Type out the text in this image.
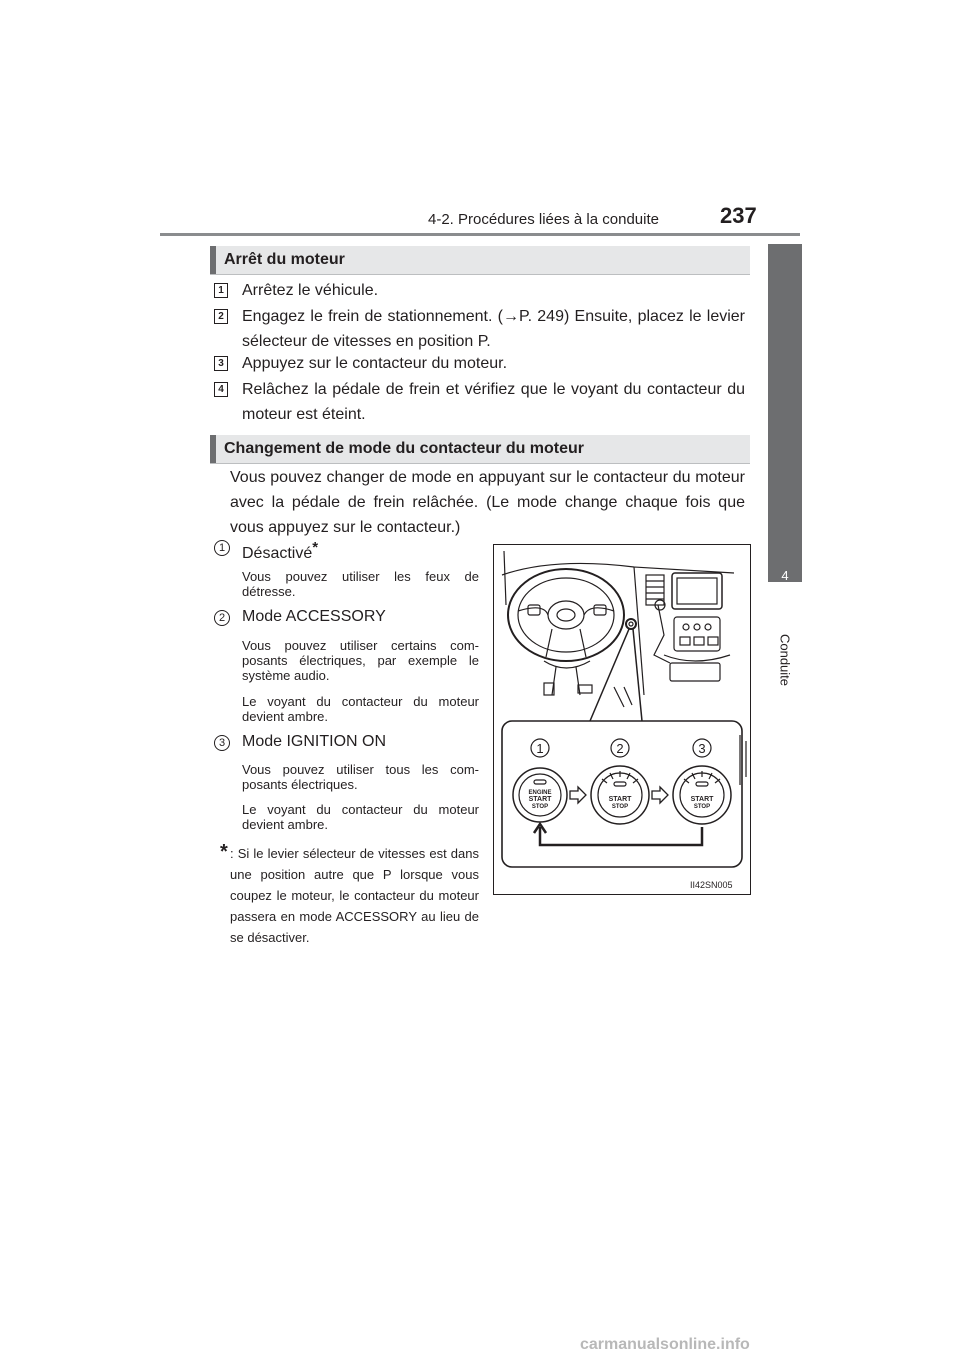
4-2. Procédures liées à la conduite	237
4
Conduite
Arrêt du moteur
1 Arrêtez le véhicule.
2 Engagez le frein de stationnement. (→P. 249) Ensuite, placez le levier sélecteur de vitesses en position P.
3 Appuyez sur le contacteur du moteur.
4 Relâchez la pédale de frein et vérifiez que le voyant du contacteur du moteur est éteint.
Changement de mode du contacteur du moteur
Vous pouvez changer de mode en appuyant sur le contacteur du moteur avec la pédale de frein relâchée. (Le mode change chaque fois que vous appuyez sur le contacteur.)
1	Désactivé*
Vous pouvez utiliser les feux de détresse.
2	Mode ACCESSORY
Vous pouvez utiliser certains com-posants électriques, par exemple le système audio.
Le voyant du contacteur du moteur devient ambre.
3	Mode IGNITION ON
Vous pouvez utiliser tous les com-posants électriques.
Le voyant du contacteur du moteur devient ambre.
* : Si le levier sélecteur de vitesses est dans une position autre que P lorsque vous coupez le moteur, le contacteur du moteur passera en mode ACCESSORY au lieu de se désactiver.
1	2	3
ENGINE
START
STOP
START
STOP
START
STOP
II42SN005
carmanualsonline.info
